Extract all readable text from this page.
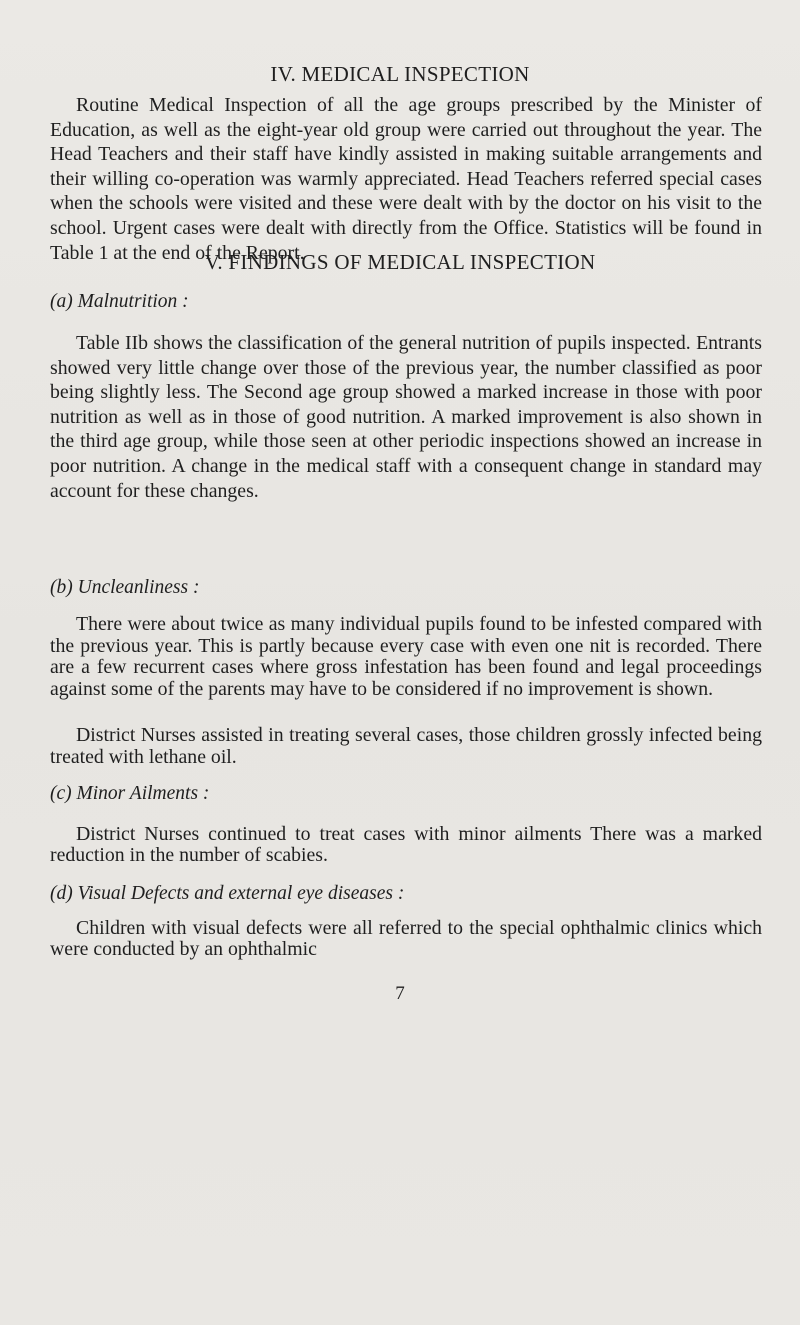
IV. MEDICAL INSPECTION

Routine Medical Inspection of all the age groups prescribed by the Minister of Education, as well as the eight-year old group were carried out throughout the year. The Head Teachers and their staff have kindly assisted in making suitable arrangements and their willing co-operation was warmly appreciated. Head Teachers referred special cases when the schools were visited and these were dealt with by the doctor on his visit to the school. Urgent cases were dealt with directly from the Office. Statistics will be found in Table 1 at the end of the Report.

V. FINDINGS OF MEDICAL INSPECTION

(a) Malnutrition :

Table IIb shows the classification of the general nutrition of pupils inspected. Entrants showed very little change over those of the previous year, the number classified as poor being slightly less. The Second age group showed a marked increase in those with poor nutrition as well as in those of good nutrition. A marked improvement is also shown in the third age group, while those seen at other periodic inspections showed an increase in poor nutrition. A change in the medical staff with a consequent change in standard may account for these changes.

(b) Uncleanliness :

There were about twice as many individual pupils found to be infested compared with the previous year. This is partly because every case with even one nit is recorded. There are a few recurrent cases where gross infestation has been found and legal proceedings against some of the parents may have to be considered if no improvement is shown.

District Nurses assisted in treating several cases, those children grossly infected being treated with lethane oil.

(c) Minor Ailments :

District Nurses continued to treat cases with minor ailments There was a marked reduction in the number of scabies.

(d) Visual Defects and external eye diseases :

Children with visual defects were all referred to the special ophthalmic clinics which were conducted by an ophthalmic

7
